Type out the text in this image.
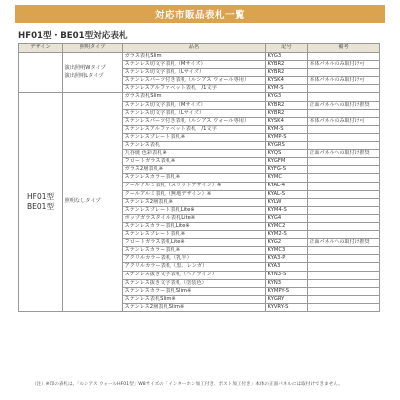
対応市販品表札一覧
HF01型・BE01型対応表札
デザイン	照明タイプ	品名	記号	備考

	演出照明Wタイプ
演出照明Lタイプ	ガラス表札Slim	KYG3	
		ステンレス切文字表札（Mサイズ）	KYBR2	本体パネルのみ取付け可
		ステンレス切文字表札（Lサイズ）	KYBR2	
		ステンレスパーツ付き表札（ルシアス ウォール専用）	KYSK4	本体パネルのみ取付け可
		ステンレスアルファベット表札　/1文字	KYM-S	

HF01型
BE01型	照明なしタイプ	ガラス表札Slim	KYG3	
		ステンレス切文字表札（Mサイズ）	KYBR2	正面パネルへの取付け推奨
		ステンレス切文字表札（Lサイズ）	KYBR2	
		ステンレスパーツ付き表札（ルシアス ウォール専用）	KYSK4	本体パネルのみ取付け可
		ステンレスアルファベット表札　/1文字	KYM-S	
		ステンレスプレート表札※	KYMP-S	
		ステンレス表札	KYGRS	
		九谷焼 色彩表札※	KYQS	正面パネルへの取付け推奨
		フロートガラス表札※	KYGFM	
		ガラス2層表札※	KYFG-S	
		ステンレスカラー表札※	KYMC	
		クールアルミ表札（スリットデザイン）※	KYAL-4	
		クールアルミ表札（無地デザイン）※	KYAL-S	
		ステンレス2層表札※	KYLW	
		ステンレスプレート表札Lite※	KYM4-S	
		ポップガラスタイル表札Lite※	KYG4	
		ステンレスカラー表札Lite※	KYMC2	
		ステンレスプレート表札※	KYM2-S	
		フロートガラス表札Lite※	KYG2	正面パネルへの取付け推奨
		ステンレスカラー表札※	KYMC3	
		アクリルカラー表札（乳半）	KYA3-P	
		アクリルカラー表札（黒、レンガ）	KYA3	
		ステンレス抜き文字表札（ヘアライン）	KYN3-S	
		ステンレス抜き文字表札（塗装色）	KYN3	
		ステンレスカラー表札Slim※	KYMPY-S	
		ステンレス表札Slim※	KYGRY	
		ステンレス2層表札Slim※	KYVRY-S	
（注）※印の表札は、「ルシアス ウォールHF01型」W8サイズの「インターホン加工付き、ポスト加工付き」本体の正面パネルには取付けできません。
